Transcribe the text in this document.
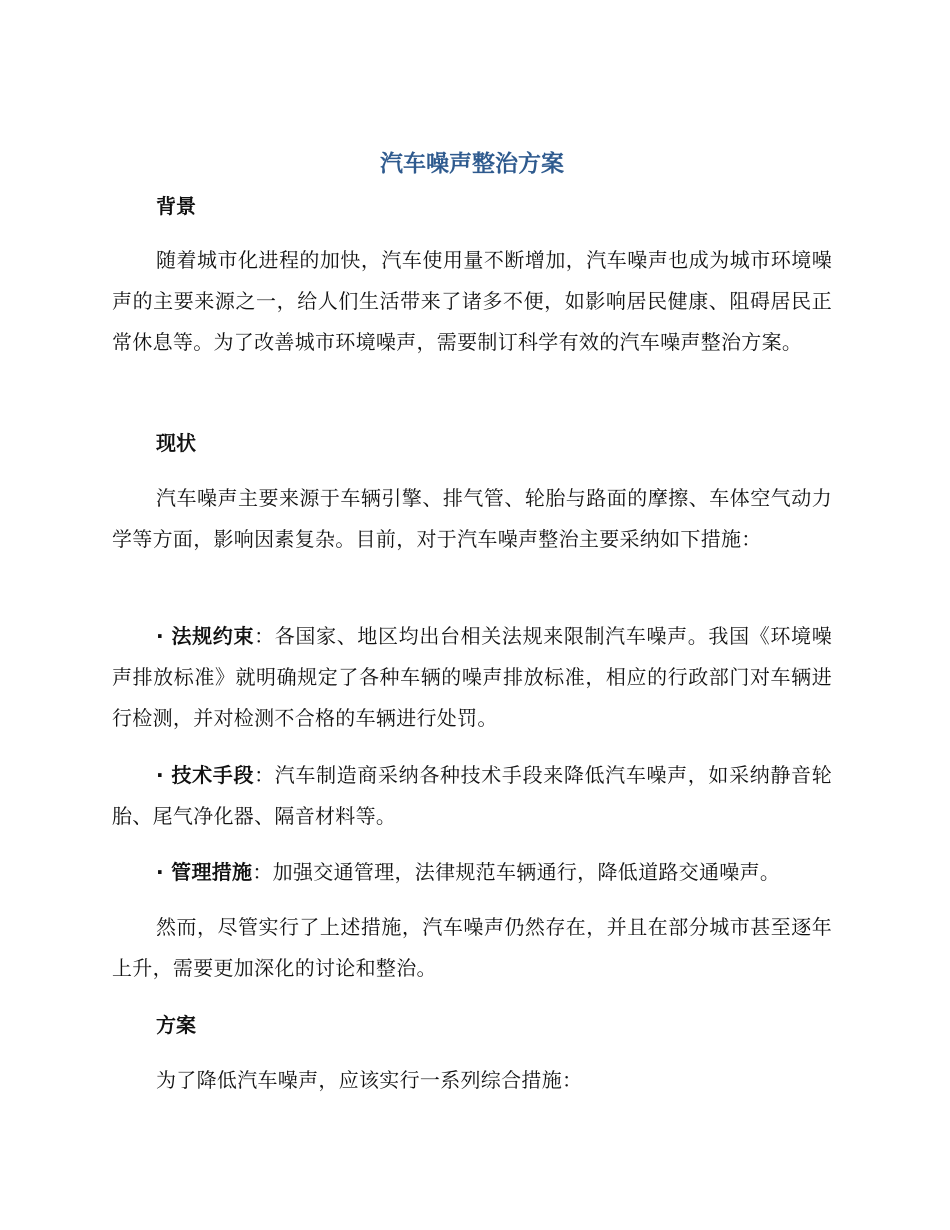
汽车噪声整治方案
背景
随着城市化进程的加快，汽车使用量不断增加，汽车噪声也成为城市环境噪声的主要来源之一，给人们生活带来了诸多不便，如影响居民健康、阻碍居民正常休息等。为了改善城市环境噪声，需要制订科学有效的汽车噪声整治方案。
现状
汽车噪声主要来源于车辆引擎、排气管、轮胎与路面的摩擦、车体空气动力学等方面，影响因素复杂。目前，对于汽车噪声整治主要采纳如下措施：
· 法规约束：各国家、地区均出台相关法规来限制汽车噪声。我国《环境噪声排放标准》就明确规定了各种车辆的噪声排放标准，相应的行政部门对车辆进行检测，并对检测不合格的车辆进行处罚。
· 技术手段：汽车制造商采纳各种技术手段来降低汽车噪声，如采纳静音轮胎、尾气净化器、隔音材料等。
· 管理措施：加强交通管理，法律规范车辆通行，降低道路交通噪声。
然而，尽管实行了上述措施，汽车噪声仍然存在，并且在部分城市甚至逐年上升，需要更加深化的讨论和整治。
方案
为了降低汽车噪声，应该实行一系列综合措施：
